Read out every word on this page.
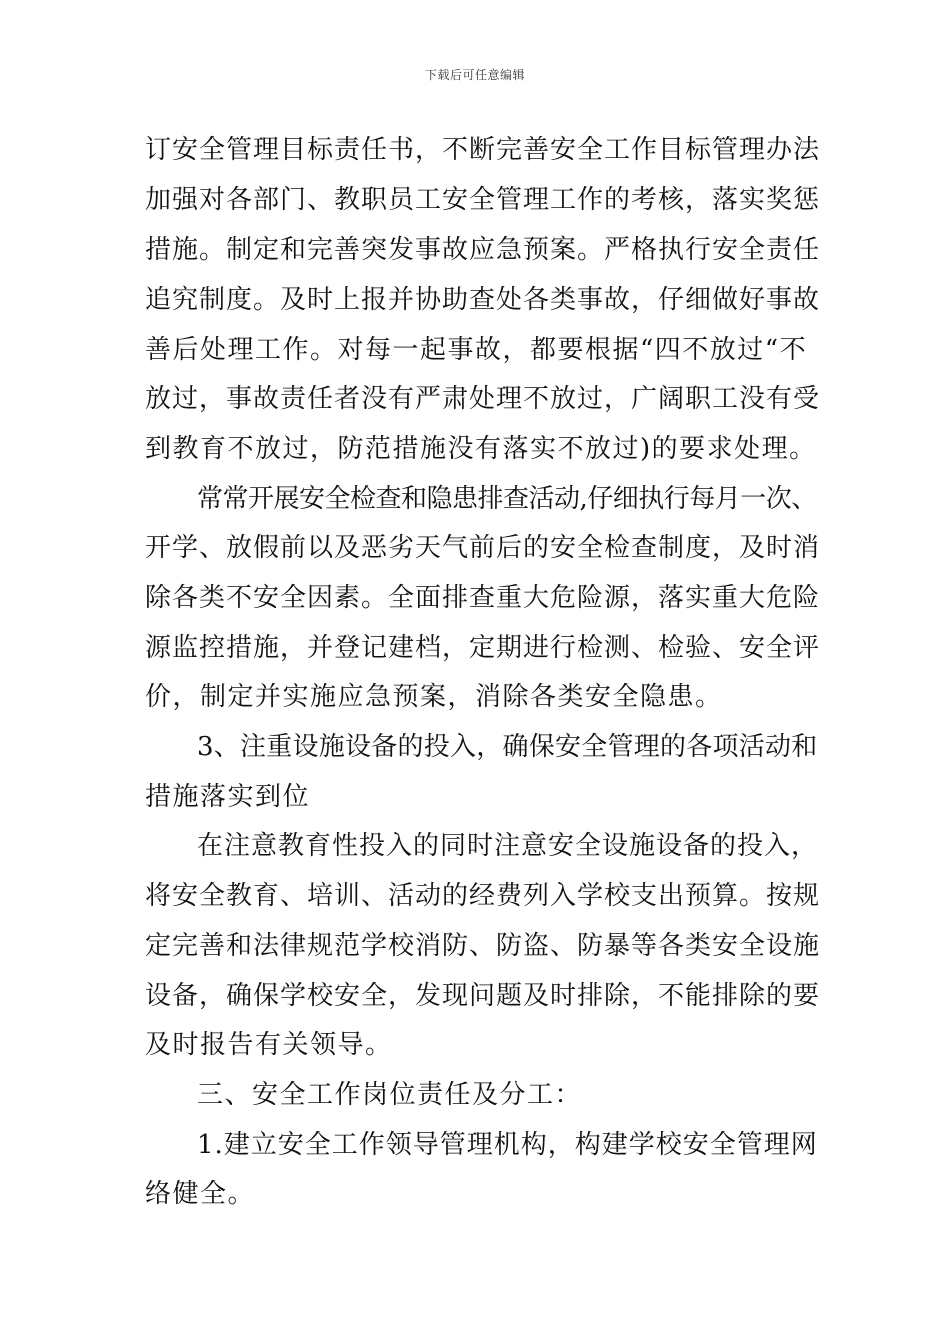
下载后可任意编辑
订安全管理目标责任书，不断完善安全工作目标管理办法
加强对各部门、教职员工安全管理工作的考核，落实奖惩
措施。制定和完善突发事故应急预案。严格执行安全责任
追究制度。及时上报并协助查处各类事故，仔细做好事故
善后处理工作。对每一起事故，都要根据“四不放过“不
放过，事故责任者没有严肃处理不放过，广阔职工没有受
到教育不放过，防范措施没有落实不放过)的要求处理。
常常开展安全检查和隐患排查活动,仔细执行每月一次、
开学、放假前以及恶劣天气前后的安全检查制度，及时消
除各类不安全因素。全面排查重大危险源，落实重大危险
源监控措施，并登记建档，定期进行检测、检验、安全评
价，制定并实施应急预案，消除各类安全隐患。
3、注重设施设备的投入，确保安全管理的各项活动和
措施落实到位
在注意教育性投入的同时注意安全设施设备的投入，
将安全教育、培训、活动的经费列入学校支出预算。按规
定完善和法律规范学校消防、防盗、防暴等各类安全设施
设备，确保学校安全，发现问题及时排除，不能排除的要
及时报告有关领导。
三、安全工作岗位责任及分工：
1.建立安全工作领导管理机构，构建学校安全管理网
络健全。
